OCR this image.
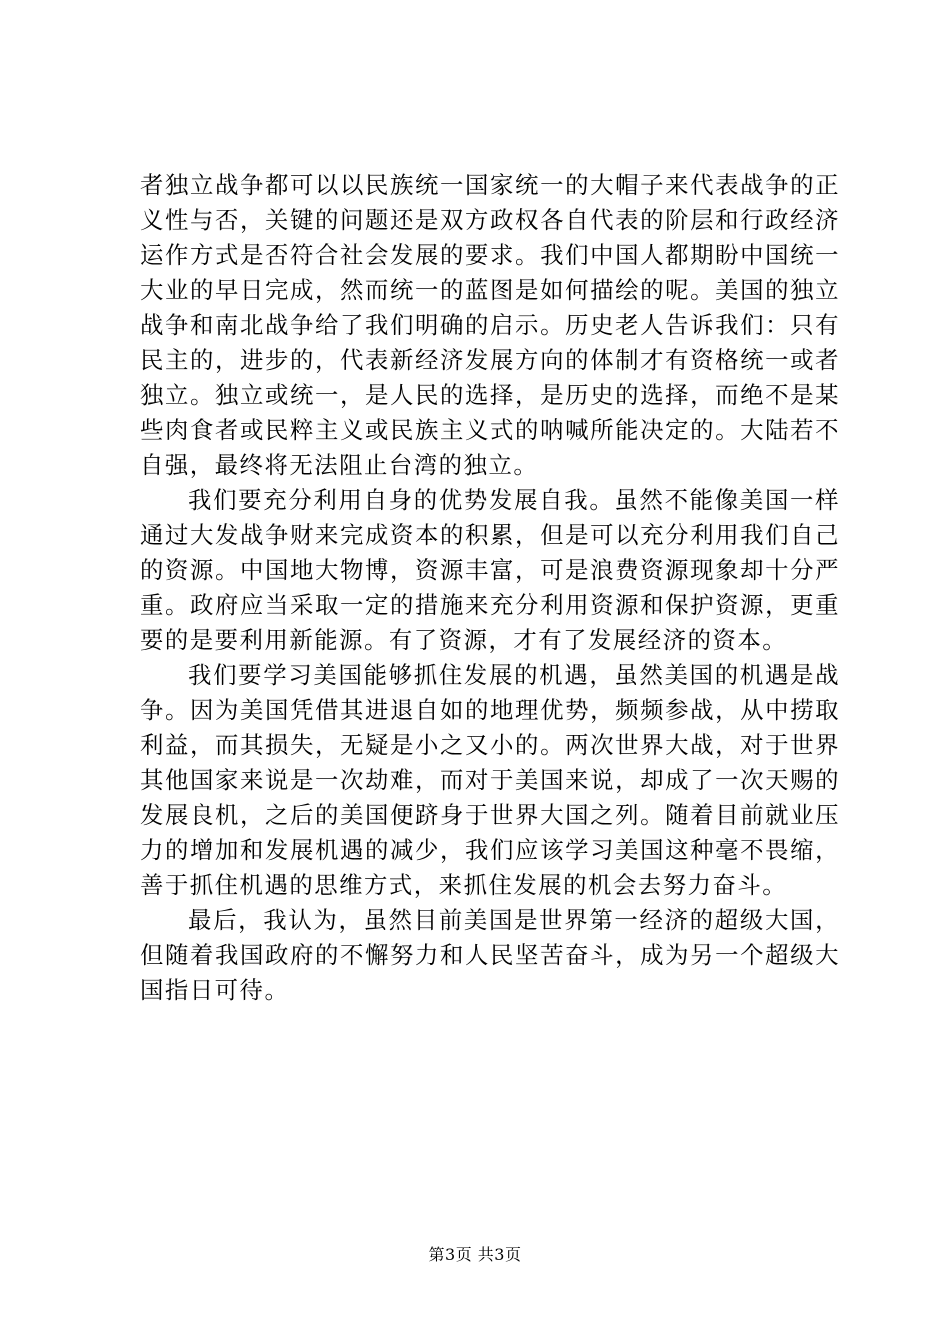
者独立战争都可以以民族统一国家统一的大帽子来代表战争的正义性与否，关键的问题还是双方政权各自代表的阶层和行政经济运作方式是否符合社会发展的要求。我们中国人都期盼中国统一大业的早日完成，然而统一的蓝图是如何描绘的呢。美国的独立战争和南北战争给了我们明确的启示。历史老人告诉我们：只有民主的，进步的，代表新经济发展方向的体制才有资格统一或者独立。独立或统一，是人民的选择，是历史的选择，而绝不是某些肉食者或民粹主义或民族主义式的呐喊所能决定的。大陆若不自强，最终将无法阻止台湾的独立。

我们要充分利用自身的优势发展自我。虽然不能像美国一样通过大发战争财来完成资本的积累，但是可以充分利用我们自己的资源。中国地大物博，资源丰富，可是浪费资源现象却十分严重。政府应当采取一定的措施来充分利用资源和保护资源，更重要的是要利用新能源。有了资源，才有了发展经济的资本。

我们要学习美国能够抓住发展的机遇，虽然美国的机遇是战争。因为美国凭借其进退自如的地理优势，频频参战，从中捞取利益，而其损失，无疑是小之又小的。两次世界大战，对于世界其他国家来说是一次劫难，而对于美国来说，却成了一次天赐的发展良机，之后的美国便跻身于世界大国之列。随着目前就业压力的增加和发展机遇的减少，我们应该学习美国这种毫不畏缩，善于抓住机遇的思维方式，来抓住发展的机会去努力奋斗。

最后，我认为，虽然目前美国是世界第一经济的超级大国，但随着我国政府的不懈努力和人民坚苦奋斗，成为另一个超级大国指日可待。

第3页 共3页
